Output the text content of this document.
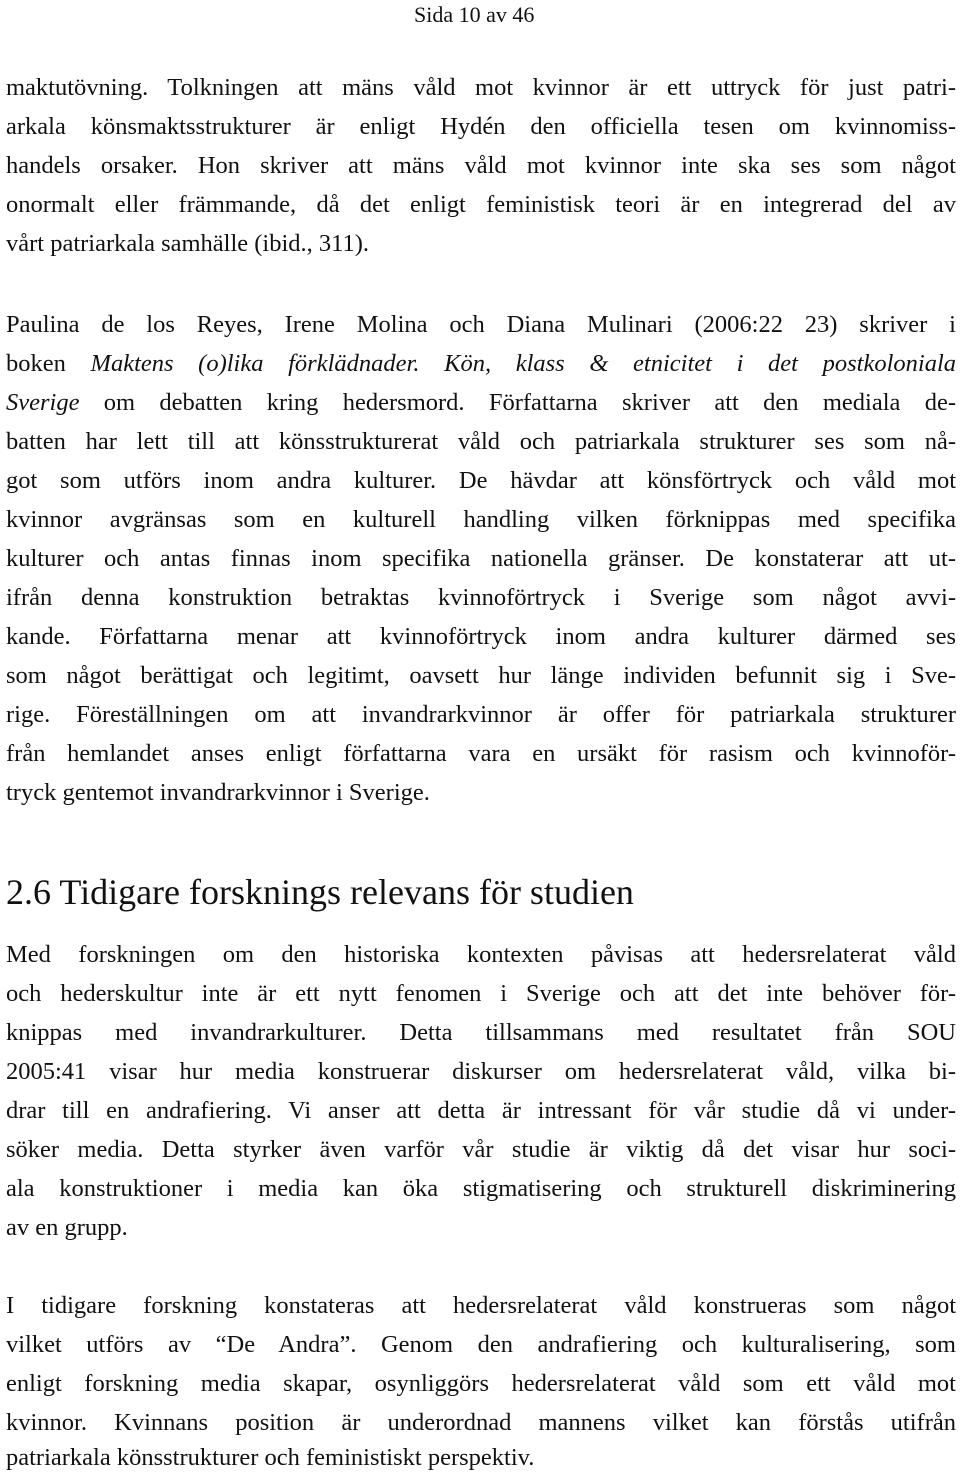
Sida 10 av 46
maktutövning. Tolkningen att mäns våld mot kvinnor är ett uttryck för just patri-
arkala könsmaktsstrukturer är enligt Hydén den officiella tesen om kvinnomiss-
handels orsaker. Hon skriver att mäns våld mot kvinnor inte ska ses som något
onormalt eller främmande, då det enligt feministisk teori är en integrerad del av
vårt patriarkala samhälle (ibid., 311).
Paulina de los Reyes, Irene Molina och Diana Mulinari (2006:22 23) skriver i
boken Maktens (o)lika förklädnader. Kön, klass & etnicitet i det postkoloniala
Sverige om debatten kring hedersmord. Författarna skriver att den mediala de-
batten har lett till att könsstrukturerat våld och patriarkala strukturer ses som nå-
got som utförs inom andra kulturer. De hävdar att könsförtryck och våld mot
kvinnor avgränsas som en kulturell handling vilken förknippas med specifika
kulturer och antas finnas inom specifika nationella gränser. De konstaterar att ut-
ifrån denna konstruktion betraktas kvinnoförtryck i Sverige som något avvi-
kande. Författarna menar att kvinnoförtryck inom andra kulturer därmed ses
som något berättigat och legitimt, oavsett hur länge individen befunnit sig i Sve-
rige. Föreställningen om att invandrarkvinnor är offer för patriarkala strukturer
från hemlandet anses enligt författarna vara en ursäkt för rasism och kvinnoför-
tryck gentemot invandrarkvinnor i Sverige.
2.6 Tidigare forsknings relevans för studien
Med forskningen om den historiska kontexten påvisas att hedersrelaterat våld
och hederskultur inte är ett nytt fenomen i Sverige och att det inte behöver för-
knippas med invandrarkulturer. Detta tillsammans med resultatet från SOU
2005:41 visar hur media konstruerar diskurser om hedersrelaterat våld, vilka bi-
drar till en andrafiering. Vi anser att detta är intressant för vår studie då vi under-
söker media. Detta styrker även varför vår studie är viktig då det visar hur soci-
ala konstruktioner i media kan öka stigmatisering och strukturell diskriminering
av en grupp.
I tidigare forskning konstateras att hedersrelaterat våld konstrueras som något
vilket utförs av “De Andra”. Genom den andrafiering och kulturalisering, som
enligt forskning media skapar, osynliggörs hedersrelaterat våld som ett våld mot
kvinnor. Kvinnans position är underordnad mannens vilket kan förstås utifrån
patriarkala könsstrukturer och feministiskt perspektiv.
